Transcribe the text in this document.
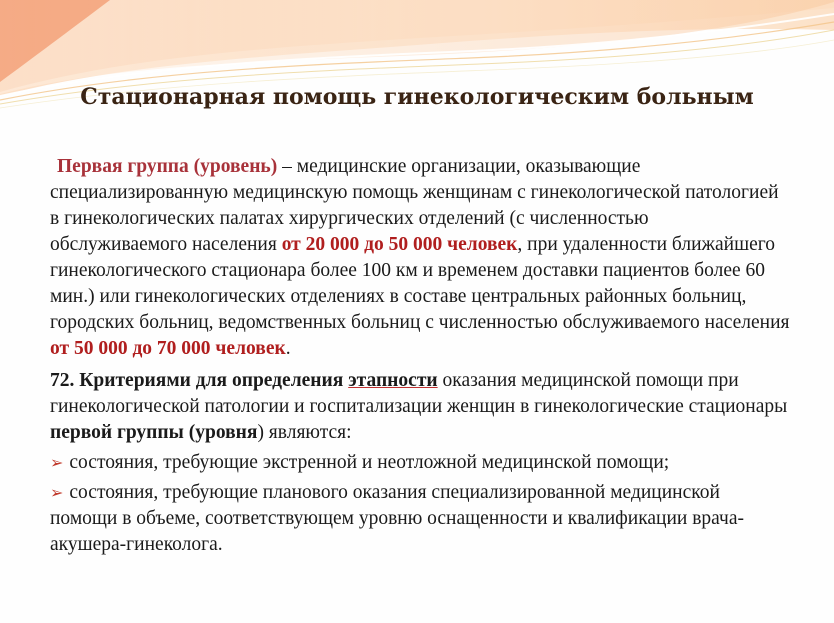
Стационарная помощь гинекологическим больным

Первая группа (уровень) – медицинские организации, оказывающие специализированную медицинскую помощь женщинам с гинекологической патологией в гинекологических палатах хирургических отделений (с численностью обслуживаемого населения от 20 000 до 50 000 человек, при удаленности ближайшего гинекологического стационара более 100 км и временем доставки пациентов более 60 мин.) или гинекологических отделениях в составе центральных районных больниц, городских больниц, ведомственных больниц с численностью обслуживаемого населения от 50 000 до 70 000 человек.

72. Критериями для определения этапности оказания медицинской помощи при гинекологической патологии и госпитализации женщин в гинекологические стационары первой группы (уровня) являются:

➢ состояния, требующие экстренной и неотложной медицинской помощи;

➢ состояния, требующие планового оказания специализированной медицинской помощи в объеме, соответствующем уровню оснащенности и квалификации врача-акушера-гинеколога.
